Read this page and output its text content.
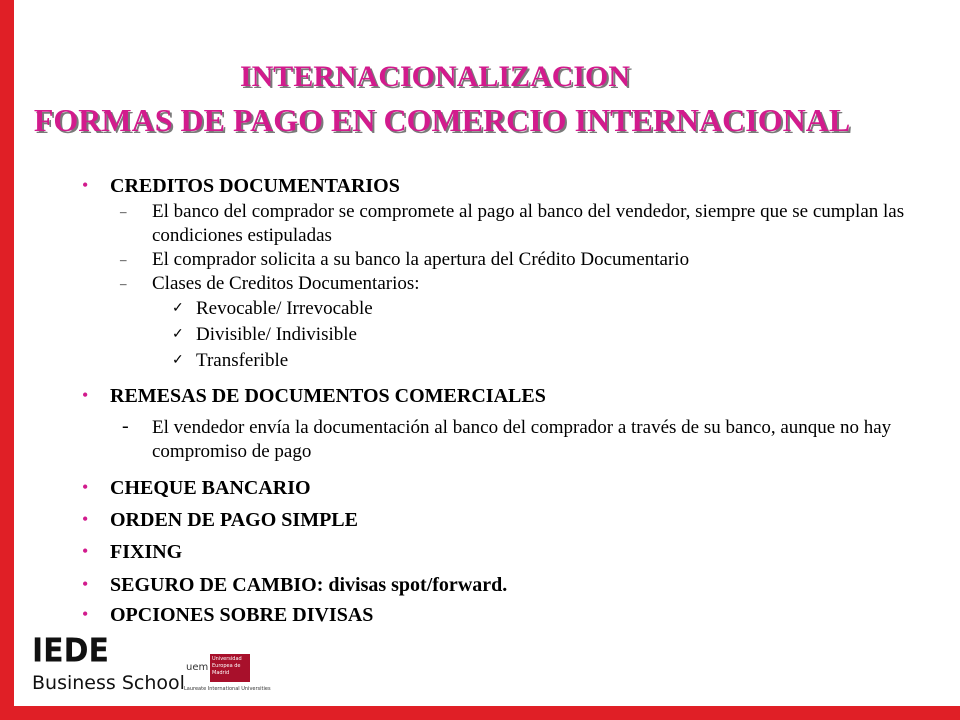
INTERNACIONALIZACION
FORMAS DE PAGO EN COMERCIO INTERNACIONAL
• CREDITOS DOCUMENTARIOS
– El banco del comprador se compromete al pago al banco del vendedor, siempre que se cumplan las condiciones estipuladas
– El comprador solicita a su banco la apertura del Crédito Documentario
– Clases de Creditos Documentarios:
✓ Revocable/ Irrevocable
✓ Divisible/ Indivisible
✓ Transferible
• REMESAS DE DOCUMENTOS COMERCIALES
- El vendedor envía la documentación al banco del comprador a través de su banco, aunque no hay compromiso de pago
• CHEQUE BANCARIO
• ORDEN DE PAGO SIMPLE
• FIXING
• SEGURO DE CAMBIO: divisas spot/forward.
• OPCIONES SOBRE DIVISAS
IEDE
Business School
uem
Universidad Europea de Madrid
Laureate International Universities
